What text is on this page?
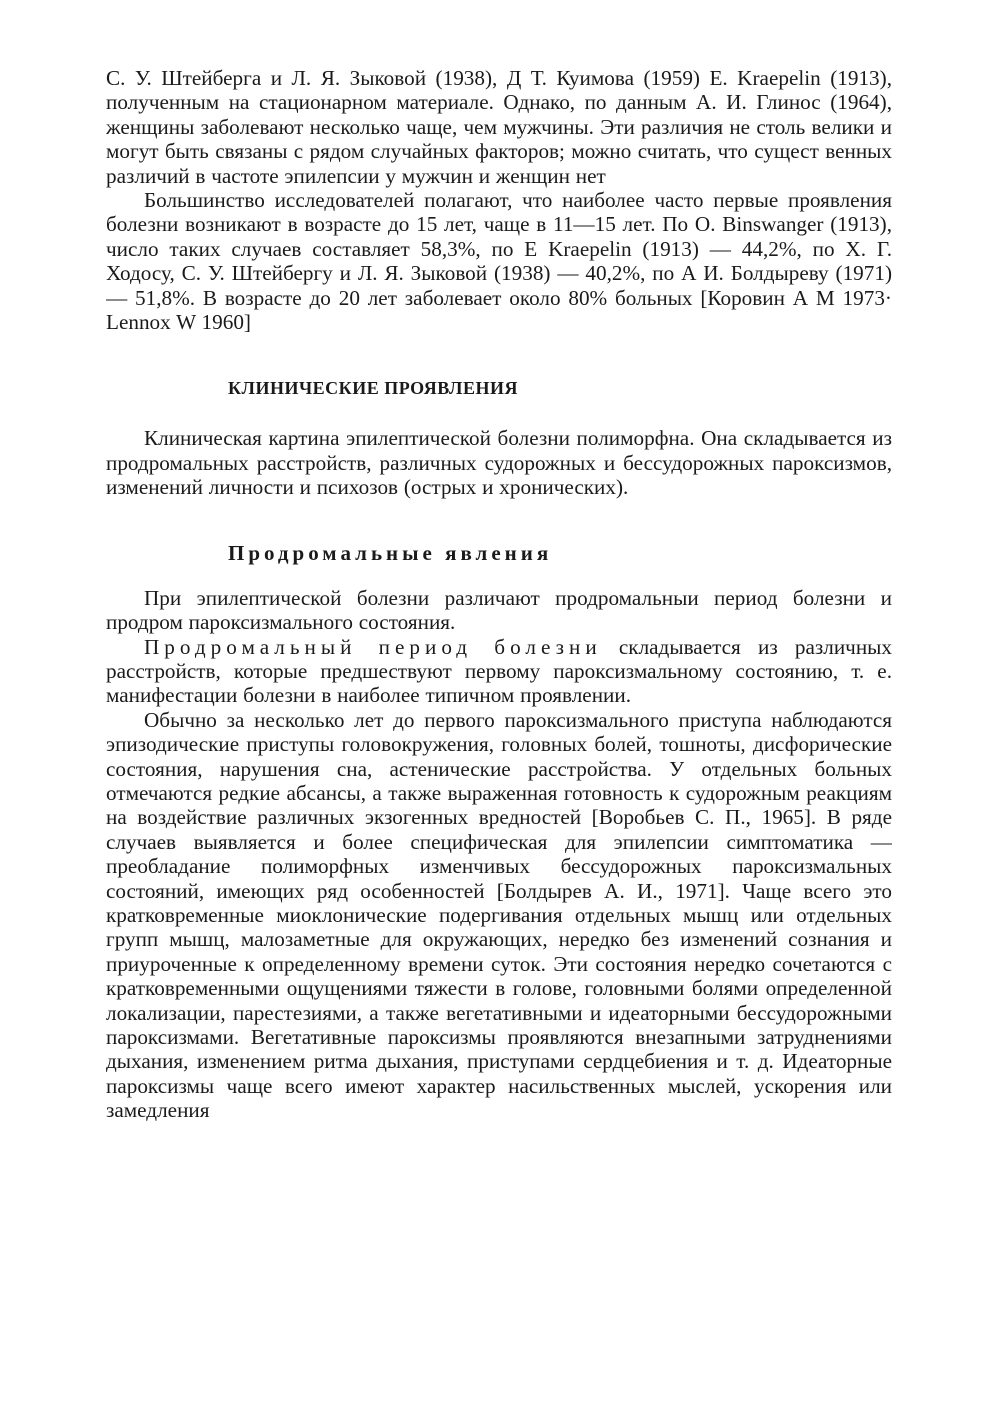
С. У. Штейберга и Л. Я. Зыковой (1938), Д Т. Куимова (1959) Е. Kraepelin (1913), полученным на стационарном материале. Однако, по данным А. И. Глинос (1964), женщины заболевают несколько чаще, чем мужчины. Эти различия не столь велики и могут быть связаны с рядом случайных факторов; можно считать, что сущест венных различий в частоте эпилепсии у мужчин и женщин нет

Большинство исследователей полагают, что наиболее часто первые проявления болезни возникают в возрасте до 15 лет, чаще в 11—15 лет. По О. Binswanger (1913), число таких случаев составляет 58,3%, по Е Kraepelin (1913) — 44,2%, по Х. Г. Ходосу, С. У. Штейбергу и Л. Я. Зыковой (1938) — 40,2%, по А И. Болдыреву (1971) — 51,8%. В возрасте до 20 лет заболевает около 80% больных [Коровин А М 1973· Lennox W 1960]

КЛИНИЧЕСКИЕ ПРОЯВЛЕНИЯ

Клиническая картина эпилептической болезни полиморфна. Она складывается из продромальных расстройств, различных судорожных и бессудорожных пароксизмов, изменений личности и психозов (острых и хронических).

Продромальные явления

При эпилептической болезни различают продромальныи период болезни и продром пароксизмального состояния.

Продромальный период болезни складывается из различных расстройств, которые предшествуют первому пароксизмальному состоянию, т. е. манифестации болезни в наиболее типичном проявлении.

Обычно за несколько лет до первого пароксизмального приступа наблюдаются эпизодические приступы головокружения, головных болей, тошноты, дисфорические состояния, нарушения сна, астенические расстройства. У отдельных больных отмечаются редкие абсансы, а также выраженная готовность к судорожным реакциям на воздействие различных экзогенных вредностей [Воробьев С. П., 1965]. В ряде случаев выявляется и более специфическая для эпилепсии симптоматика — преобладание полиморфных изменчивых бессудорожных пароксизмальных состояний, имеющих ряд особенностей [Болдырев А. И., 1971]. Чаще всего это кратковременные миоклонические подергивания отдельных мышц или отдельных групп мышц, малозаметные для окружающих, нередко без изменений сознания и приуроченные к определенному времени суток. Эти состояния нередко сочетаются с кратковременными ощущениями тяжести в голове, головными болями определенной локализации, парестезиями, а также вегетативными и идеаторными бессудорожными пароксизмами. Вегетативные пароксизмы проявляются внезапными затруднениями дыхания, изменением ритма дыхания, приступами сердцебиения и т. д. Идеаторные пароксизмы чаще всего имеют характер насильственных мыслей, ускорения или замедления
